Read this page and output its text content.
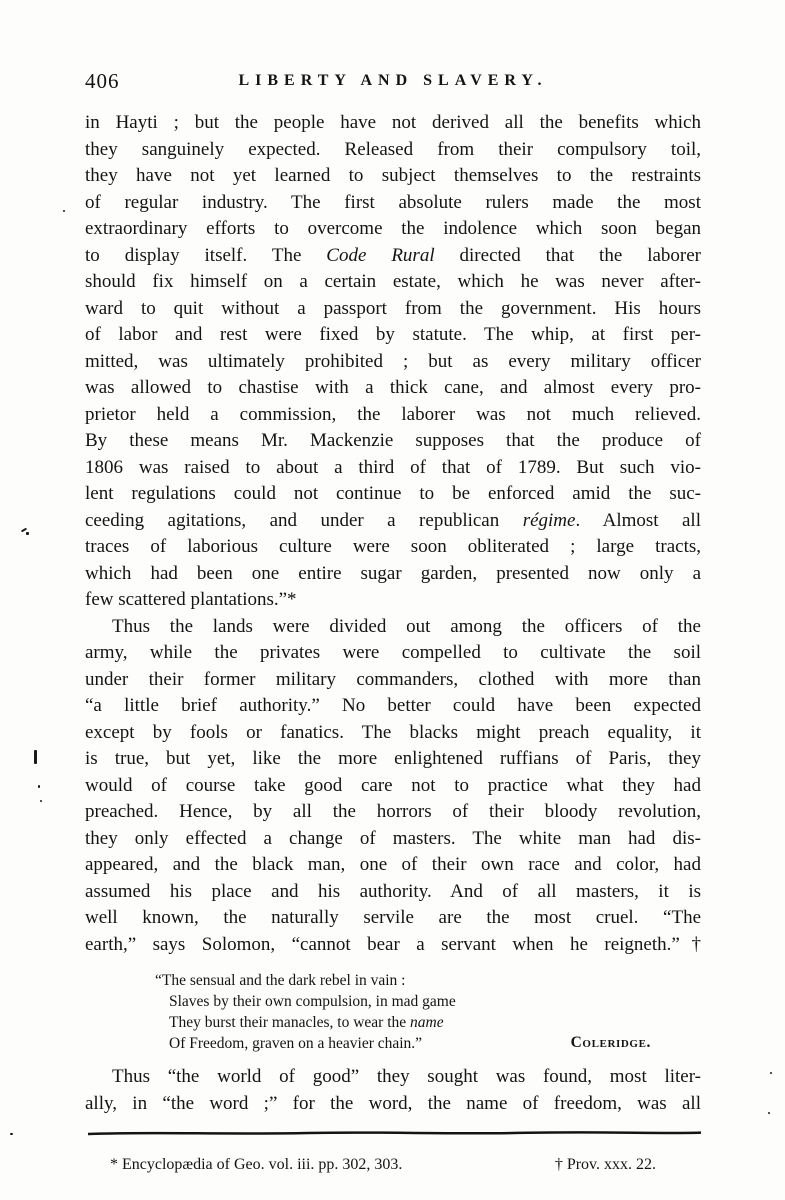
406	LIBERTY AND SLAVERY.
in Hayti ; but the people have not derived all the benefits which
they sanguinely expected. Released from their compulsory toil,
they have not yet learned to subject themselves to the restraints
of regular industry. The first absolute rulers made the most
extraordinary efforts to overcome the indolence which soon began
to display itself. The Code Rural directed that the laborer
should fix himself on a certain estate, which he was never after-
ward to quit without a passport from the government. His hours
of labor and rest were fixed by statute. The whip, at first per-
mitted, was ultimately prohibited ; but as every military officer
was allowed to chastise with a thick cane, and almost every pro-
prietor held a commission, the laborer was not much relieved.
By these means Mr. Mackenzie supposes that the produce of
1806 was raised to about a third of that of 1789. But such vio-
lent regulations could not continue to be enforced amid the suc-
ceeding agitations, and under a republican régime. Almost all
traces of laborious culture were soon obliterated ; large tracts,
which had been one entire sugar garden, presented now only a
few scattered plantations.”*
Thus the lands were divided out among the officers of the
army, while the privates were compelled to cultivate the soil
under their former military commanders, clothed with more than
“a little brief authority.” No better could have been expected
except by fools or fanatics. The blacks might preach equality, it
is true, but yet, like the more enlightened ruffians of Paris, they
would of course take good care not to practice what they had
preached. Hence, by all the horrors of their bloody revolution,
they only effected a change of masters. The white man had dis-
appeared, and the black man, one of their own race and color, had
assumed his place and his authority. And of all masters, it is
well known, the naturally servile are the most cruel. “The
earth,” says Solomon, “cannot bear a servant when he reigneth.”†
“The sensual and the dark rebel in vain :
Slaves by their own compulsion, in mad game
They burst their manacles, to wear the name
Of Freedom, graven on a heavier chain.”	Coleridge.
Thus “the world of good” they sought was found, most liter-
ally, in “the word ;” for the word, the name of freedom, was all
* Encyclopædia of Geo. vol. iii. pp. 302, 303.	† Prov. xxx. 22.
